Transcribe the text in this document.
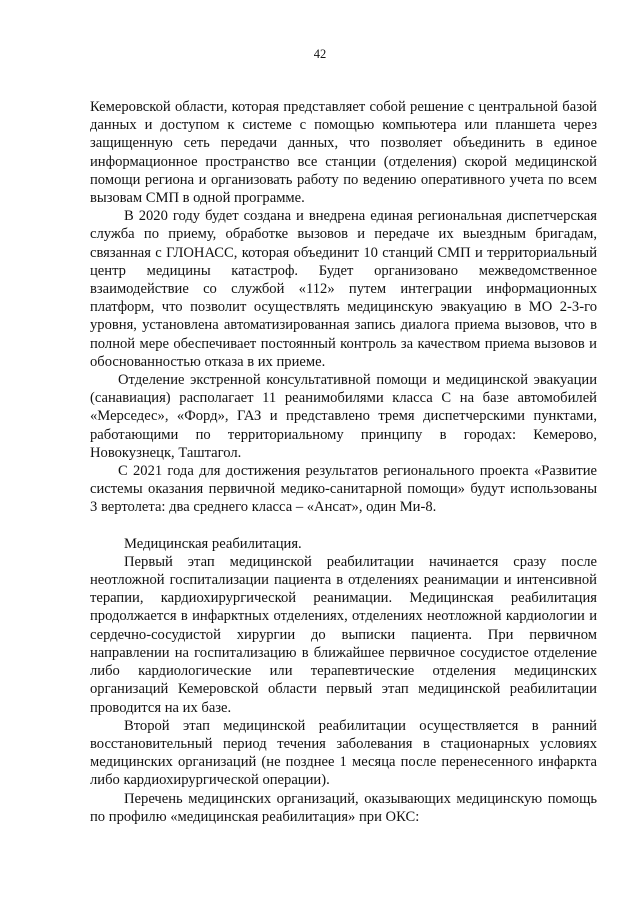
42

Кемеровской области, которая представляет собой решение с центральной базой данных и доступом к системе с помощью компьютера или планшета через защищенную сеть передачи данных, что позволяет объединить в единое информационное пространство все станции (отделения) скорой медицинской помощи региона и организовать работу по ведению оперативного учета по всем вызовам СМП в одной программе.

В 2020 году будет создана и внедрена единая региональная диспетчерская служба по приему, обработке вызовов и передаче их выездным бригадам, связанная с ГЛОНАСС, которая объединит 10 станций СМП и территориальный центр медицины катастроф. Будет организовано межведомственное взаимодействие со службой «112» путем интеграции информационных платформ, что позволит осуществлять медицинскую эвакуацию в МО 2-3-го уровня, установлена автоматизированная запись диалога приема вызовов, что в полной мере обеспечивает постоянный контроль за качеством приема вызовов и обоснованностью отказа в их приеме.

Отделение экстренной консультативной помощи и медицинской эвакуации (санавиация) располагает 11 реанимобилями класса С на базе автомобилей «Мерседес», «Форд», ГАЗ и представлено тремя диспетчерскими пунктами, работающими по территориальному принципу в городах: Кемерово, Новокузнецк, Таштагол.

С 2021 года для достижения результатов регионального проекта «Развитие системы оказания первичной медико-санитарной помощи» будут использованы 3 вертолета: два среднего класса – «Ансат», один Ми-8.

Медицинская реабилитация.

Первый этап медицинской реабилитации начинается сразу после неотложной госпитализации пациента в отделениях реанимации и интенсивной терапии, кардиохирургической реанимации. Медицинская реабилитация продолжается в инфарктных отделениях, отделениях неотложной кардиологии и сердечно-сосудистой хирургии до выписки пациента. При первичном направлении на госпитализацию в ближайшее первичное сосудистое отделение либо кардиологические или терапевтические отделения медицинских организаций Кемеровской области первый этап медицинской реабилитации проводится на их базе.

Второй этап медицинской реабилитации осуществляется в ранний восстановительный период течения заболевания в стационарных условиях медицинских организаций (не позднее 1 месяца после перенесенного инфаркта либо кардиохирургической операции).

Перечень медицинских организаций, оказывающих медицинскую помощь по профилю «медицинская реабилитация» при ОКС:
